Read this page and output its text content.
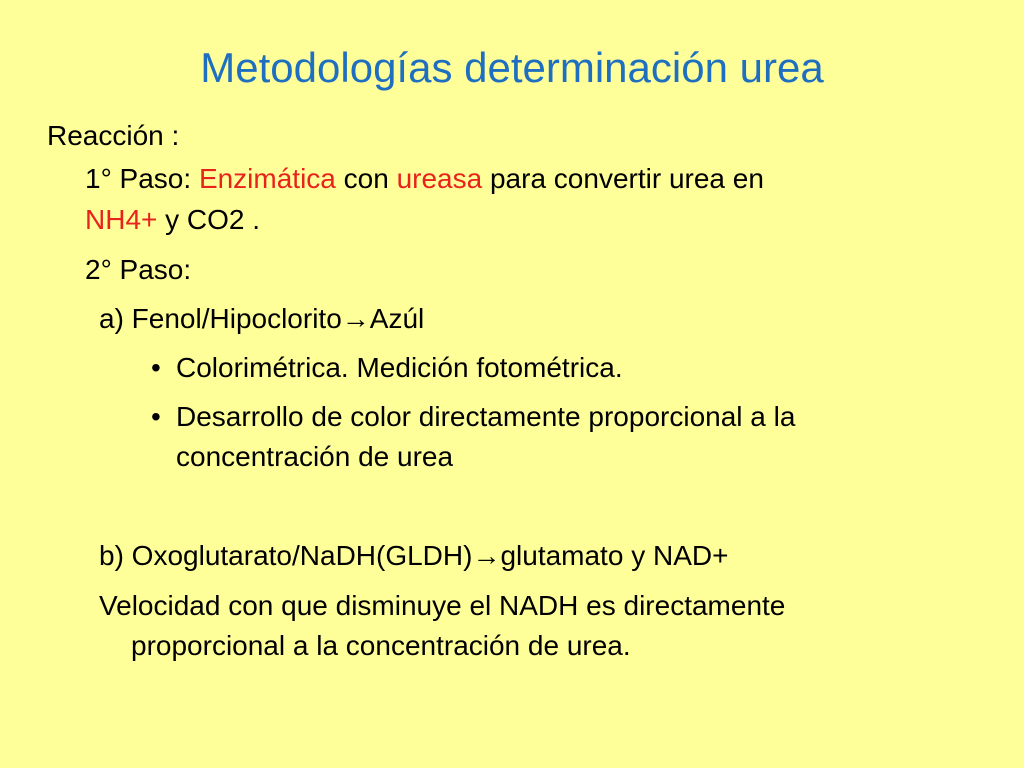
Metodologías determinación urea
Reacción :
1° Paso: Enzimática con ureasa para convertir urea en
NH4+ y CO2 .
2° Paso:
a) Fenol/Hipoclorito→Azúl
• Colorimétrica. Medición fotométrica.
• Desarrollo de color directamente proporcional a la
concentración de urea
b) Oxoglutarato/NaDH(GLDH)→glutamato y NAD+
Velocidad con que disminuye el NADH es directamente
proporcional a la concentración de urea.
